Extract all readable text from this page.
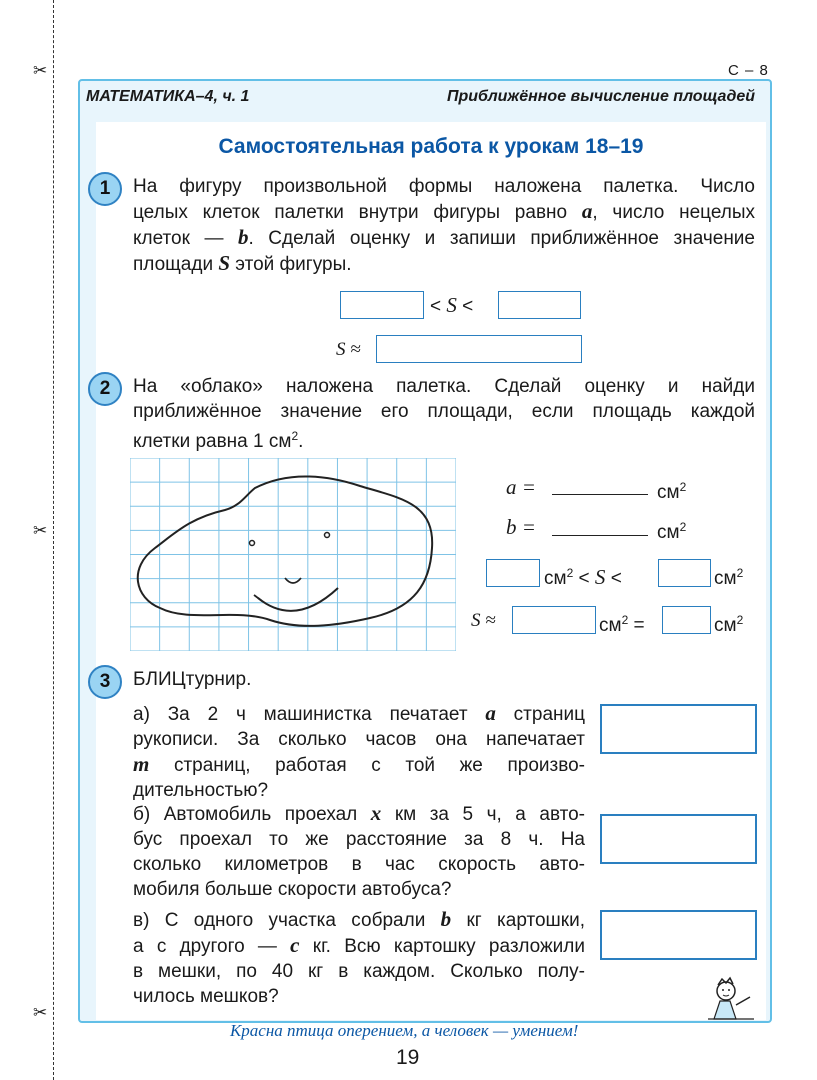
✂
✂
✂
С – 8
МАТЕМАТИКА–4, ч. 1	Приближённое вычисление площадей
Самостоятельная работа к урокам 18–19
1	На фигуру произвольной формы наложена палетка. Число
целых клеток палетки внутри фигуры равно a, число нецелых
клеток — b. Сделай оценку и запиши приближённое значение
площади S этой фигуры.
< S <
S ≈
2	На «облако» наложена палетка. Сделай оценку и найди
приближённое значение его площади, если площадь каждой
клетки равна 1 $см^2$.
a =	$см^2$
b =	$см^2$
$см^2 < S$ <	$см^2$
S ≈	$см^2$ =	$см^2$
3	БЛИЦтурнир.
а) За 2 ч машинистка печатает a страниц
рукописи. За сколько часов она напечатает
m страниц, работая с той же произво-
дительностью?
б) Автомобиль проехал x км за 5 ч, а авто-
бус проехал то же расстояние за 8 ч. На
сколько километров в час скорость авто-
мобиля больше скорости автобуса?
в) С одного участка собрали b кг картошки,
а с другого — c кг. Всю картошку разложили
в мешки, по 40 кг в каждом. Сколько полу-
чилось мешков?
Красна птица оперением, а человек — умением!
19
